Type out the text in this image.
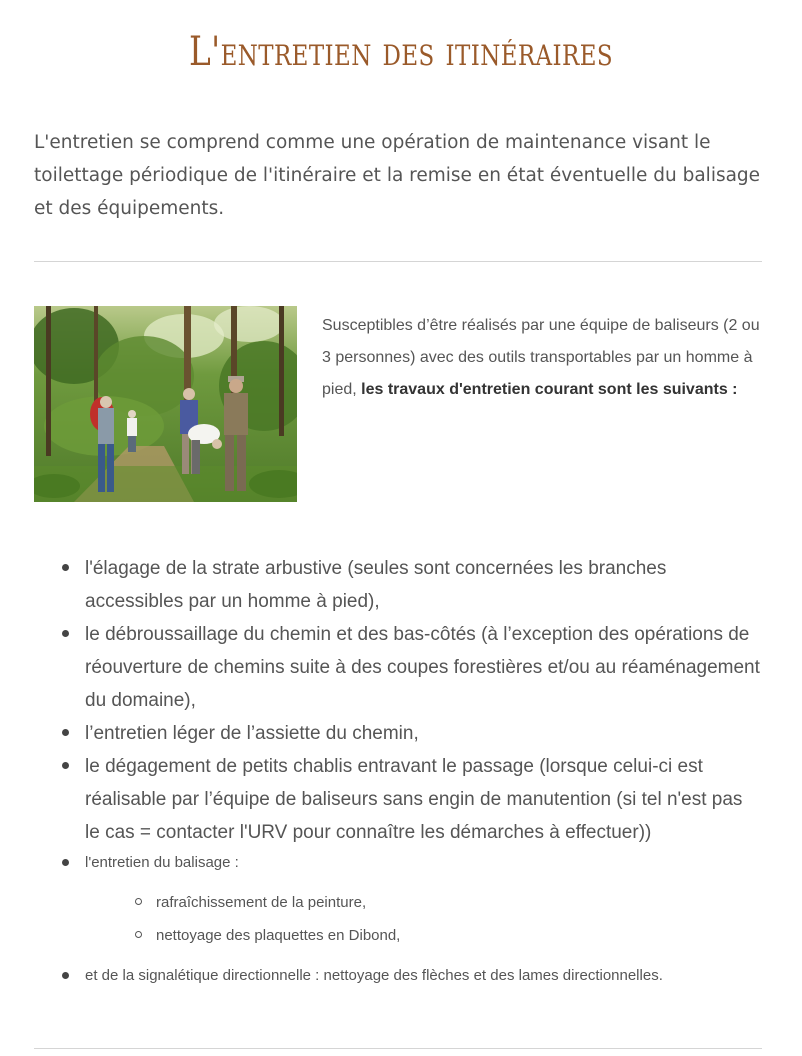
L'entretien des itinéraires

L'entretien se comprend comme une opération de maintenance visant le toilettage périodique de l'itinéraire et la remise en état éventuelle du balisage et des équipements.

Susceptibles d’être réalisés par une équipe de baliseurs (2 ou 3 personnes) avec des outils transportables par un homme à pied, les travaux d'entretien courant sont les suivants :

l'élagage de la strate arbustive (seules sont concernées les branches accessibles par un homme à pied),
le débroussaillage du chemin et des bas-côtés (à l’exception des opérations de réouverture de chemins suite à des coupes forestières et/ou au réaménagement du domaine),
l’entretien léger de l’assiette du chemin,
le dégagement de petits chablis entravant le passage (lorsque celui-ci est réalisable par l’équipe de baliseurs sans engin de manutention (si tel n'est pas le cas = contacter l'URV pour connaître les démarches à effectuer))
l'entretien du balisage :
rafraîchissement de la peinture,
nettoyage des plaquettes en Dibond,
et de la signalétique directionnelle : nettoyage des flèches et des lames directionnelles.
